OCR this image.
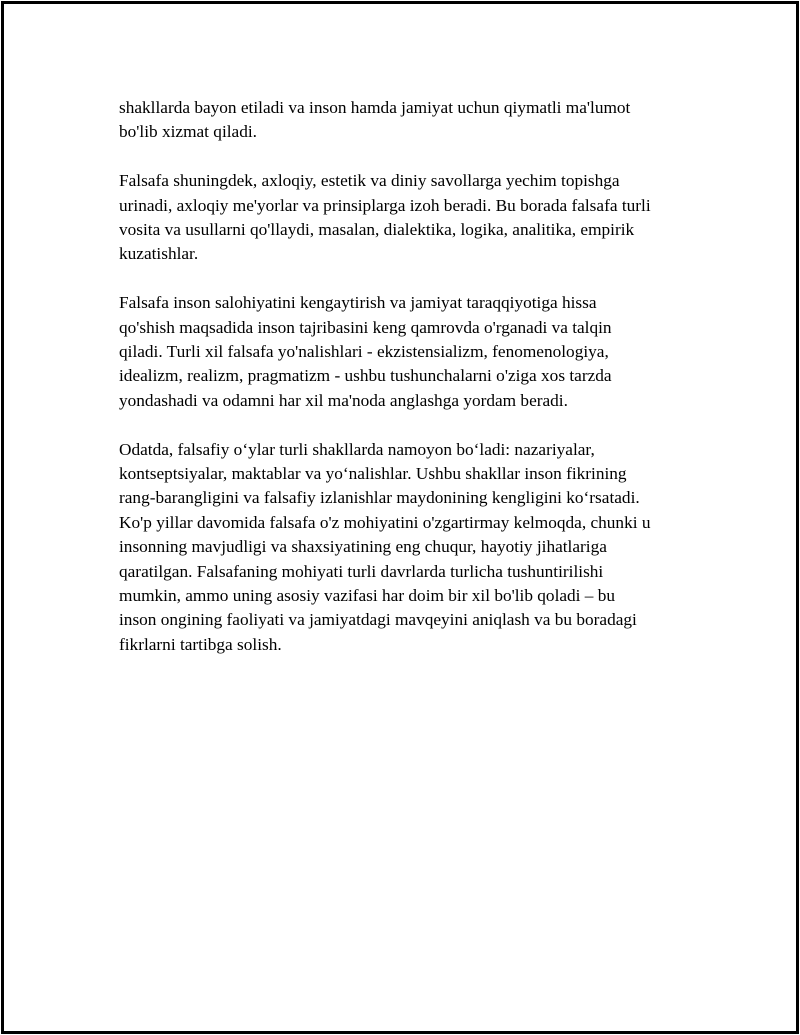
shakllarda bayon etiladi va inson hamda jamiyat uchun qiymatli ma'lumot
bo'lib xizmat qiladi.

Falsafa shuningdek, axloqiy, estetik va diniy savollarga yechim topishga
urinadi, axloqiy me'yorlar va prinsiplarga izoh beradi. Bu borada falsafa turli
vosita va usullarni qo'llaydi, masalan, dialektika, logika, analitika, empirik
kuzatishlar.

Falsafa inson salohiyatini kengaytirish va jamiyat taraqqiyotiga hissa
qo'shish maqsadida inson tajribasini keng qamrovda o'rganadi va talqin
qiladi. Turli xil falsafa yo'nalishlari - ekzistensializm, fenomenologiya,
idealizm, realizm, pragmatizm - ushbu tushunchalarni o'ziga xos tarzda
yondashadi va odamni har xil ma'noda anglashga yordam beradi.

Odatda, falsafiy o‘ylar turli shakllarda namoyon bo‘ladi: nazariyalar,
kontseptsiyalar, maktablar va yo‘nalishlar. Ushbu shakllar inson fikrining
rang-barangligini va falsafiy izlanishlar maydonining kengligini ko‘rsatadi.
Ko'p yillar davomida falsafa o'z mohiyatini o'zgartirmay kelmoqda, chunki u
insonning mavjudligi va shaxsiyatining eng chuqur, hayotiy jihatlariga
qaratilgan. Falsafaning mohiyati turli davrlarda turlicha tushuntirilishi
mumkin, ammo uning asosiy vazifasi har doim bir xil bo'lib qoladi – bu
inson ongining faoliyati va jamiyatdagi mavqeyini aniqlash va bu boradagi
fikrlarni tartibga solish.
